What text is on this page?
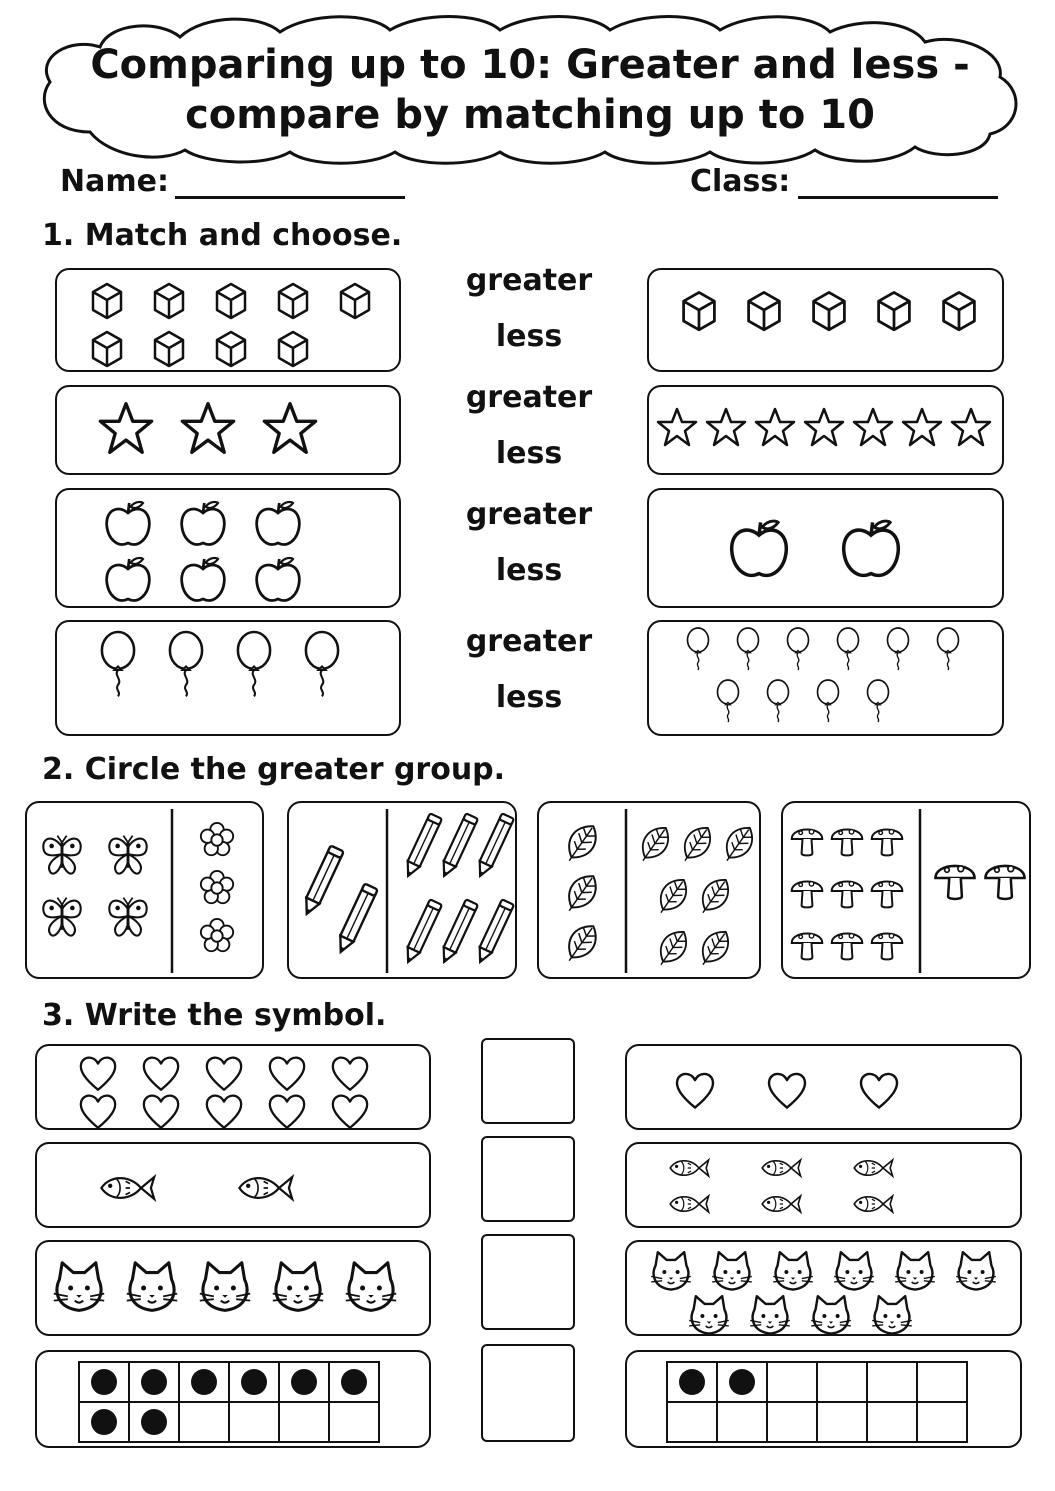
Comparing up to 10: Greater and less -
compare by matching up to 10
Name:	Class:
1. Match and choose.
greater
less
greater
less
greater
less
greater
less
2. Circle the greater group.
3. Write the symbol.
